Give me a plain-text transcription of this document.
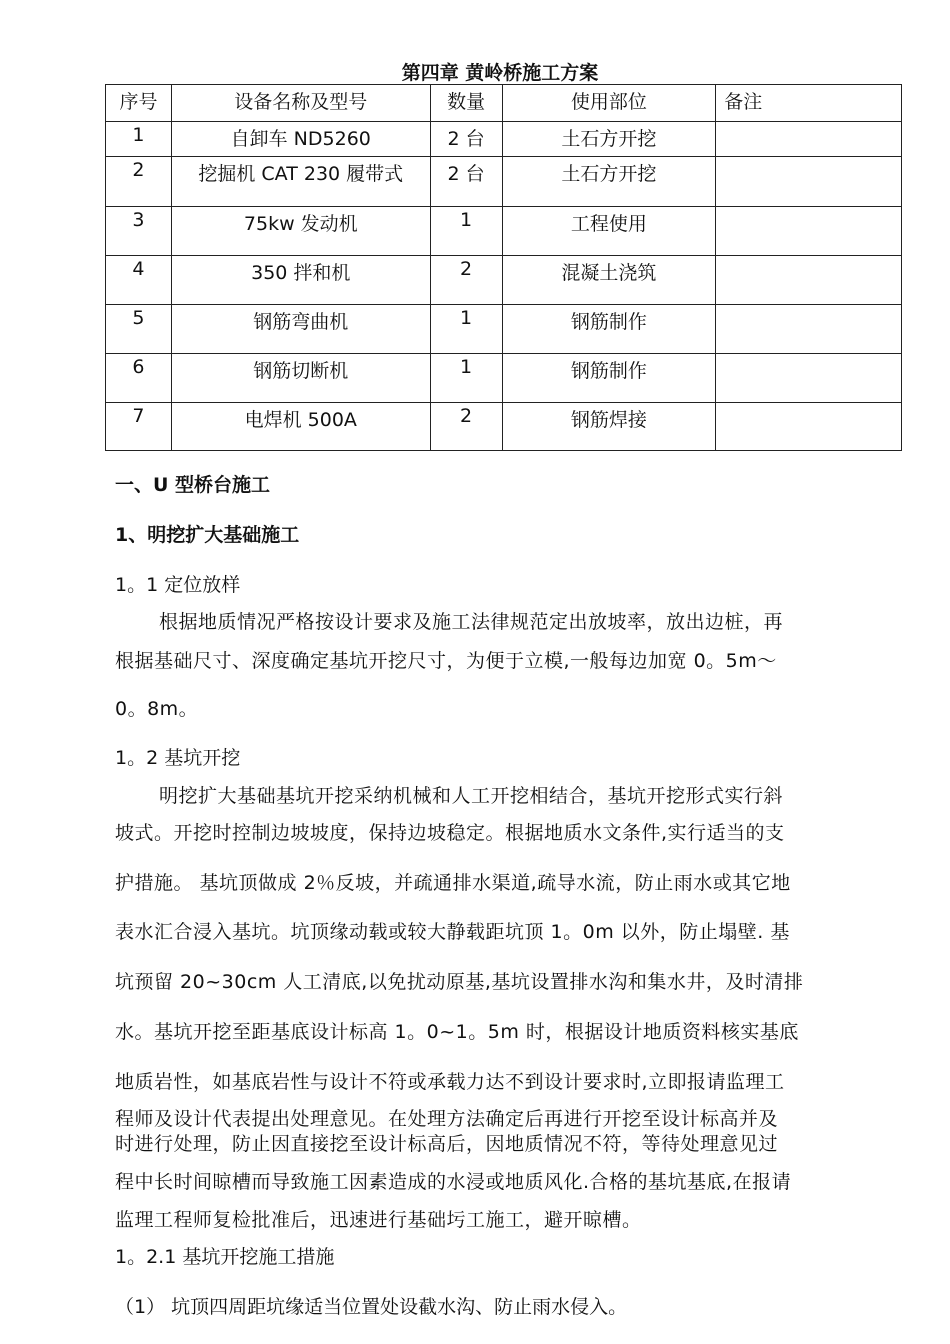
第四章 黄岭桥施工方案
序号	设备名称及型号	数量	使用部位	备注
1	自卸车 ND5260	2 台	土石方开挖	
2	挖掘机 CAT 230 履带式	2 台	土石方开挖	
3	75kw 发动机	1	工程使用	
4	350 拌和机	2	混凝土浇筑	
5	钢筋弯曲机	1	钢筋制作	
6	钢筋切断机	1	钢筋制作	
7	电焊机 500A	2	钢筋焊接	
一、U 型桥台施工
1、明挖扩大基础施工
1。1 定位放样
根据地质情况严格按设计要求及施工法律规范定出放坡率，放出边桩，再
根据基础尺寸、深度确定基坑开挖尺寸，为便于立模,一般每边加宽 0。5m～
0。8m。
1。2 基坑开挖
明挖扩大基础基坑开挖采纳机械和人工开挖相结合，基坑开挖形式实行斜
坡式。开挖时控制边坡坡度，保持边坡稳定。根据地质水文条件,实行适当的支
护措施。 基坑顶做成 2％反坡，并疏通排水渠道,疏导水流，防止雨水或其它地
表水汇合浸入基坑。坑顶缘动载或较大静载距坑顶 1。0m 以外，防止塌壁. 基
坑预留 20~30cm 人工清底,以免扰动原基,基坑设置排水沟和集水井，及时清排
水。基坑开挖至距基底设计标高 1。0~1。5m 时，根据设计地质资料核实基底
地质岩性，如基底岩性与设计不符或承载力达不到设计要求时,立即报请监理工
程师及设计代表提出处理意见。在处理方法确定后再进行开挖至设计标高并及
时进行处理，防止因直接挖至设计标高后，因地质情况不符，等待处理意见过
程中长时间晾槽而导致施工因素造成的水浸或地质风化.合格的基坑基底,在报请
监理工程师复检批准后，迅速进行基础圬工施工，避开晾槽。
1。2.1 基坑开挖施工措施
（1） 坑顶四周距坑缘适当位置处设截水沟、防止雨水侵入。
